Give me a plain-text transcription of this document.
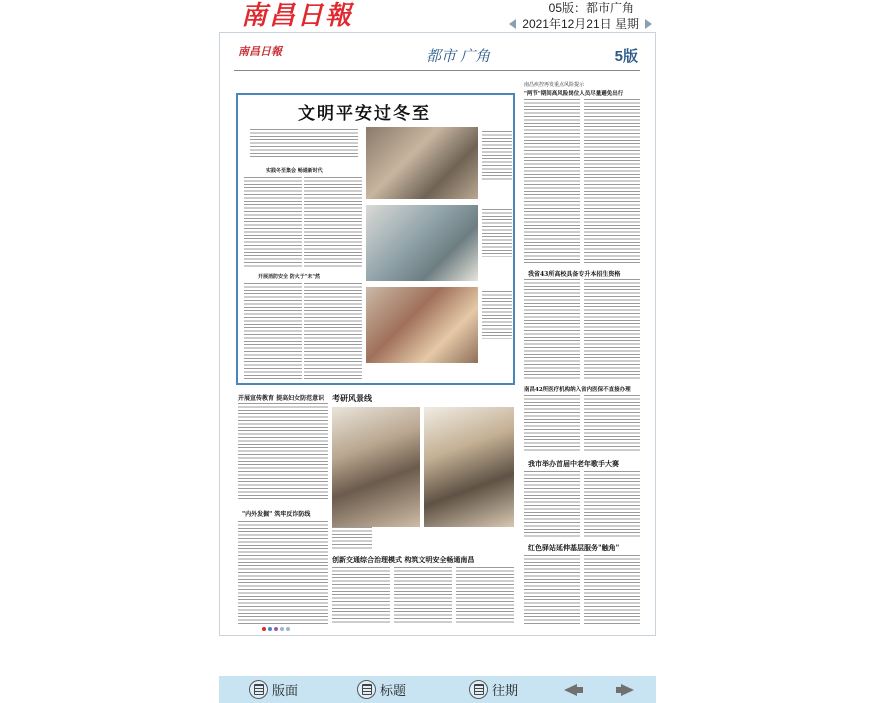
南昌日報	05版：都市广角
2021年12月21日 星期
南昌日報	都市 广角	5版
文明平安过冬至
实践冬至集会 畅通新时代
开展消防安全 防火于"未"然
开展宣传教育 提高妇女防范意识
"内外发掘" 筑牢反诈防线
考研风景线
创新交通综合治理模式 构筑文明安全畅通南昌
南昌疾控再发重点风险提示
"两节"期间高风险岗位人员尽量避免出行
我省43所高校具备专升本招生资格
南昌42所医疗机构纳入省内医保不直接办理
我市举办首届中老年歌手大赛
红色驿站延伸基层服务"触角"
版面	标题	往期
